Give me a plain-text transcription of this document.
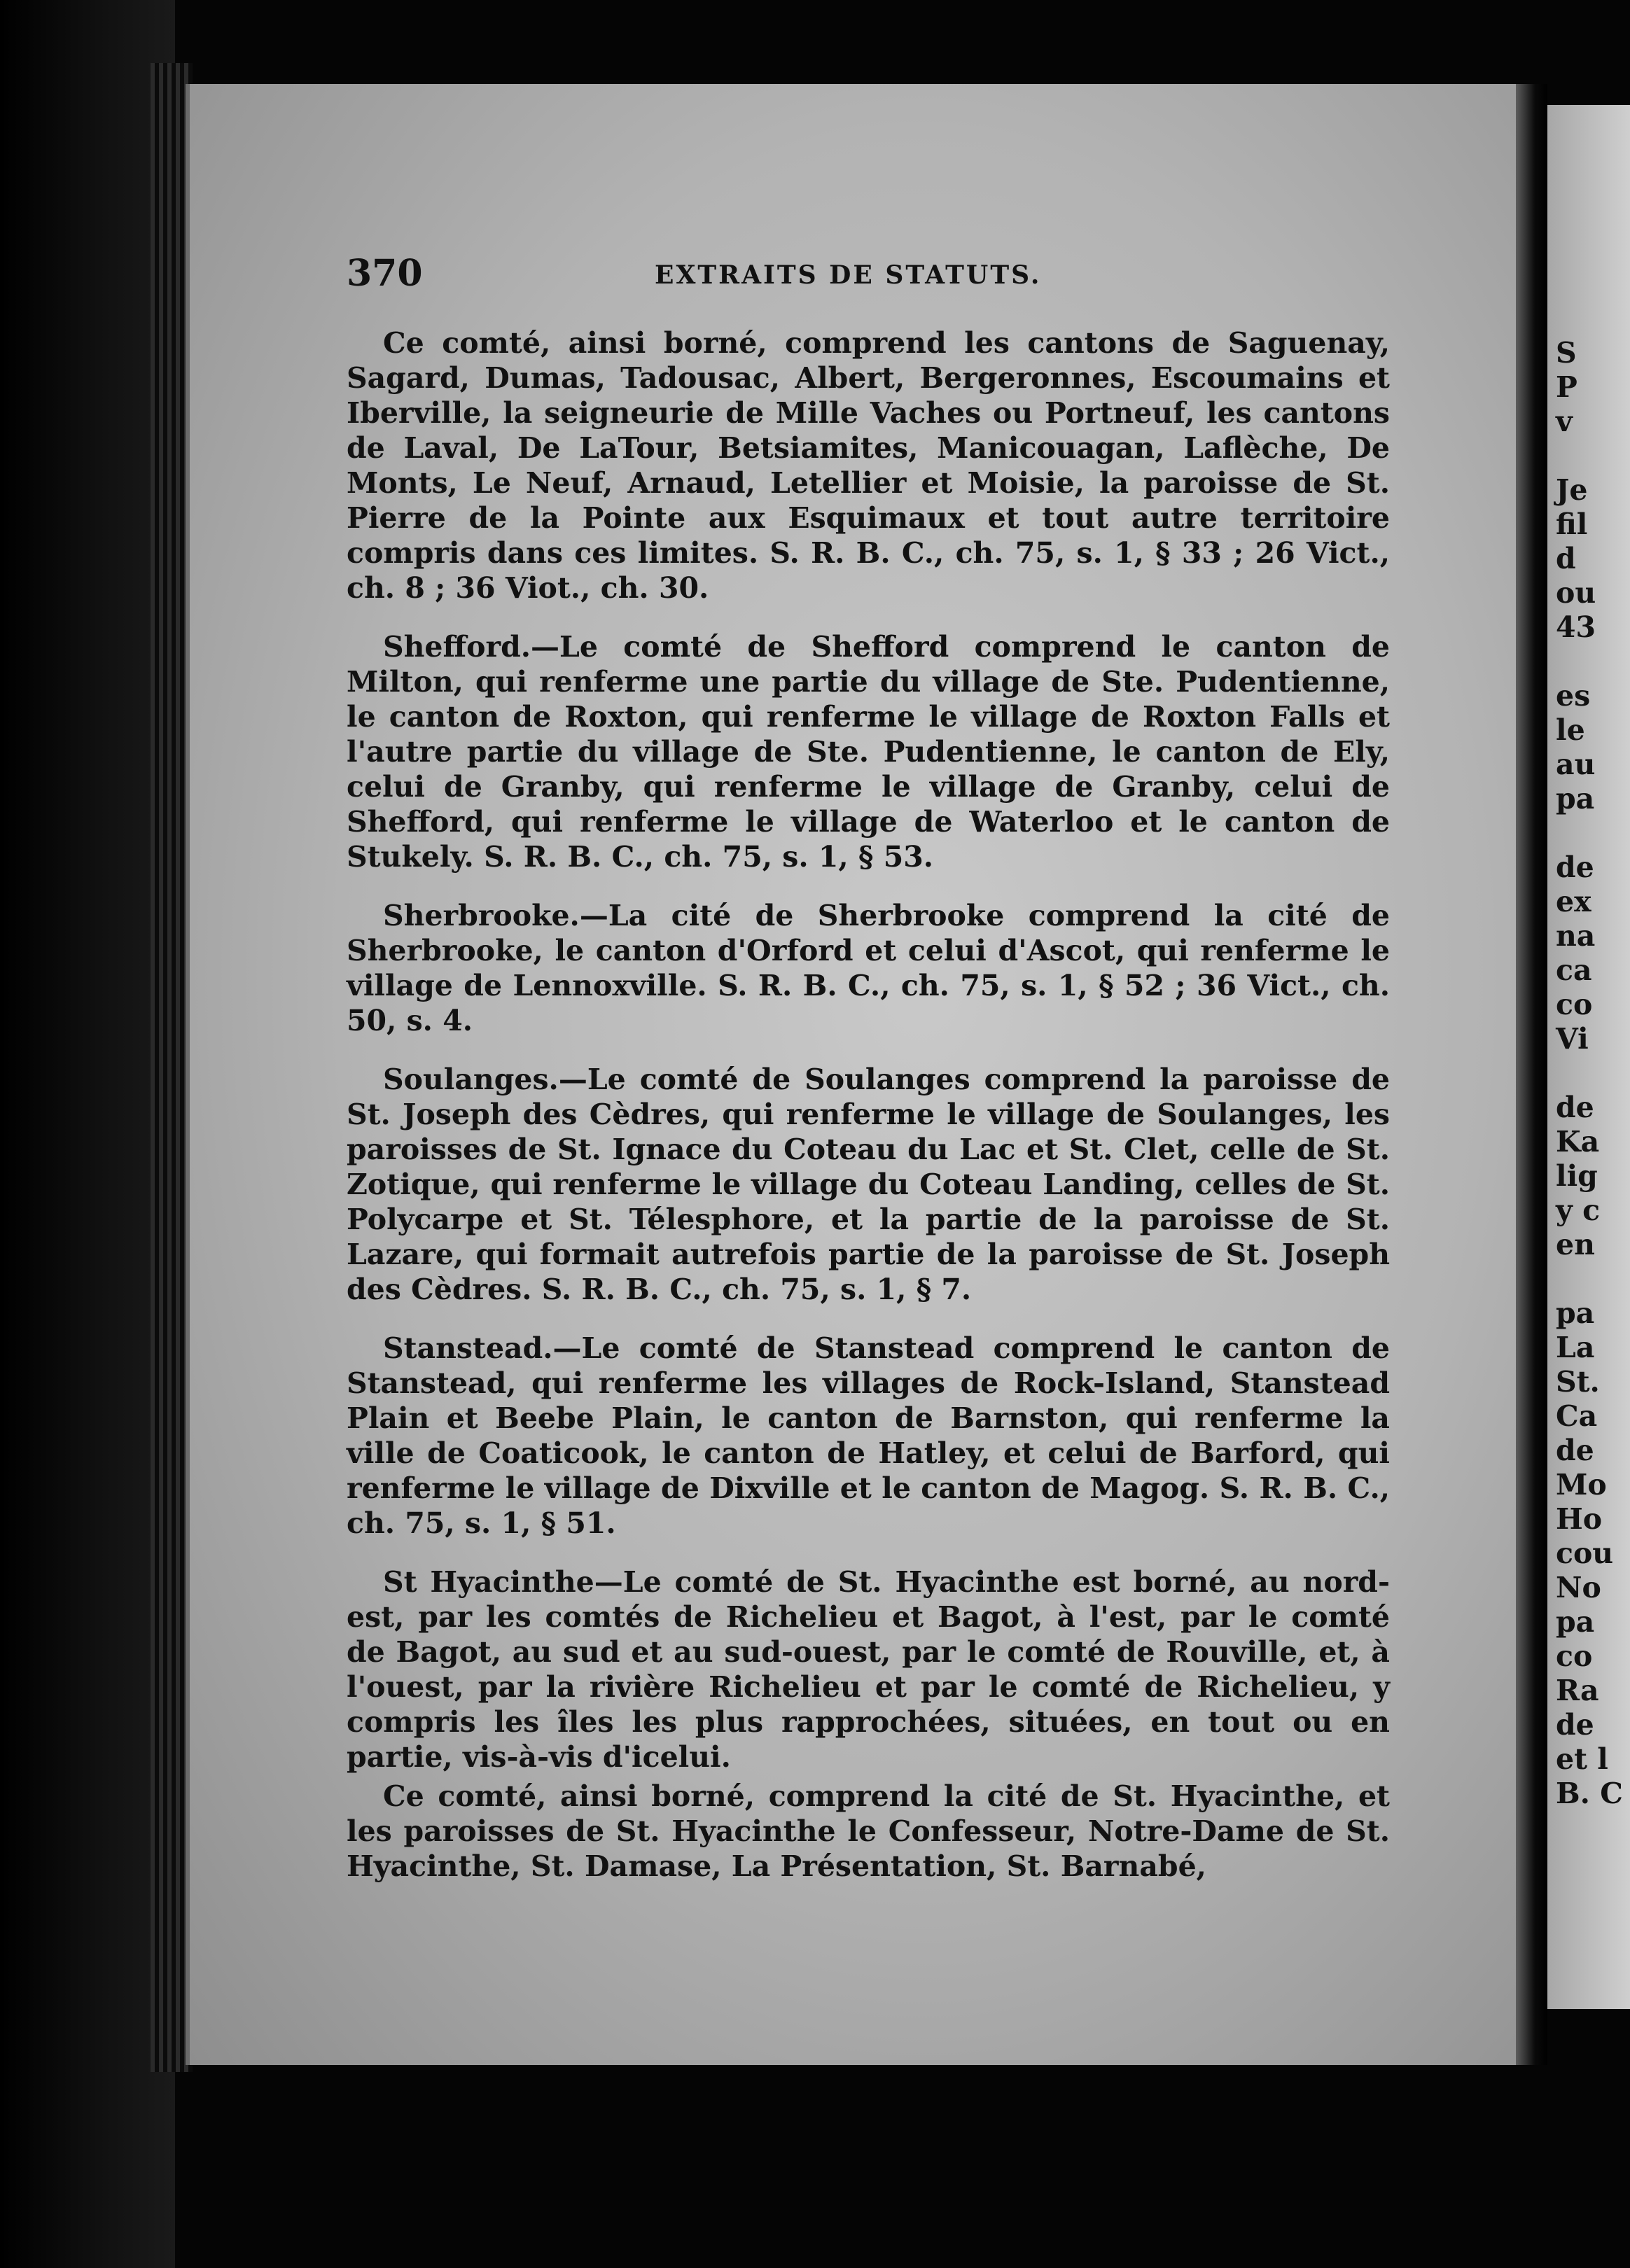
S
P
v
Je
fil
d
ou
43
es
le
au
pa
de
ex
na
ca
co
Vi
de
Ka
lig
y c
en
pa
La
St.
Ca
de
Mo
Ho
cou
No
pa
co
Ra
de
et l
B. C
370	EXTRAITS DE STATUTS.

Ce comté, ainsi borné, comprend les cantons de Saguenay, Sagard, Dumas, Tadousac, Albert, Bergeronnes, Escoumains et Iberville, la seigneurie de Mille Vaches ou Portneuf, les cantons de Laval, De LaTour, Betsiamites, Manicouagan, Laflèche, De Monts, Le Neuf, Arnaud, Letellier et Moisie, la paroisse de St. Pierre de la Pointe aux Esquimaux et tout autre territoire compris dans ces limites. S. R. B. C., ch. 75, s. 1, § 33 ; 26 Vict., ch. 8 ; 36 Viot., ch. 30.

Shefford.—Le comté de Shefford comprend le canton de Milton, qui renferme une partie du village de Ste. Pudentienne, le canton de Roxton, qui renferme le village de Roxton Falls et l'autre partie du village de Ste. Pudentienne, le canton de Ely, celui de Granby, qui renferme le village de Granby, celui de Shefford, qui renferme le village de Waterloo et le canton de Stukely. S. R. B. C., ch. 75, s. 1, § 53.

Sherbrooke.—La cité de Sherbrooke comprend la cité de Sherbrooke, le canton d'Orford et celui d'Ascot, qui renferme le village de Lennoxville. S. R. B. C., ch. 75, s. 1, § 52 ; 36 Vict., ch. 50, s. 4.

Soulanges.—Le comté de Soulanges comprend la paroisse de St. Joseph des Cèdres, qui renferme le village de Soulanges, les paroisses de St. Ignace du Coteau du Lac et St. Clet, celle de St. Zotique, qui renferme le village du Coteau Landing, celles de St. Polycarpe et St. Télesphore, et la partie de la paroisse de St. Lazare, qui formait autrefois partie de la paroisse de St. Joseph des Cèdres. S. R. B. C., ch. 75, s. 1, § 7.

Stanstead.—Le comté de Stanstead comprend le canton de Stanstead, qui renferme les villages de Rock-Island, Stanstead Plain et Beebe Plain, le canton de Barnston, qui renferme la ville de Coaticook, le canton de Hatley, et celui de Barford, qui renferme le village de Dixville et le canton de Magog. S. R. B. C., ch. 75, s. 1, § 51.

St Hyacinthe—Le comté de St. Hyacinthe est borné, au nord-est, par les comtés de Richelieu et Bagot, à l'est, par le comté de Bagot, au sud et au sud-ouest, par le comté de Rouville, et, à l'ouest, par la rivière Richelieu et par le comté de Richelieu, y compris les îles les plus rapprochées, situées, en tout ou en partie, vis-à-vis d'icelui.

Ce comté, ainsi borné, comprend la cité de St. Hyacinthe, et les paroisses de St. Hyacinthe le Confesseur, Notre-Dame de St. Hyacinthe, St. Damase, La Présentation, St. Barnabé,
